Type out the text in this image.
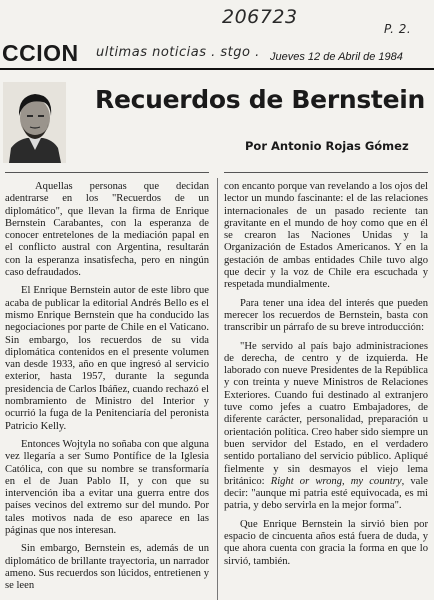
206723
P. 2.
CCION ultimas noticias . stgo . Jueves 12 de Abril de 1984
Recuerdos de Bernstein
Por Antonio Rojas Gómez

Aquellas personas que decidan adentrarse en los "Recuerdos de un diplomático", que llevan la firma de Enrique Bernstein Carabantes, con la esperanza de conocer entretelones de la mediación papal en el conflicto austral con Argentina, resultarán con la esperanza insatisfecha, pero en ningún caso defraudados.

El Enrique Bernstein autor de este libro que acaba de publicar la editorial Andrés Bello es el mismo Enrique Bernstein que ha conducido las negociaciones por parte de Chile en el Vaticano. Sin embargo, los recuerdos de su vida diplomática contenidos en el presente volumen van desde 1933, año en que ingresó al servicio exterior, hasta 1957, durante la segunda presidencia de Carlos Ibáñez, cuando rechazó el nombramiento de Ministro del Interior y ocurrió la fuga de la Penitenciaría del peronista Patricio Kelly.

Entonces Wojtyla no soñaba con que alguna vez llegaría a ser Sumo Pontífice de la Iglesia Católica, con que su nombre se transformaría en el de Juan Pablo II, y con que su intervención iba a evitar una guerra entre dos países vecinos del extremo sur del mundo. Por tales motivos nada de eso aparece en las páginas que nos interesan.

Sin embargo, Bernstein es, además de un diplomático de brillante trayectoria, un narrador ameno. Sus recuerdos son lúcidos, entretienen y se leen

con encanto porque van revelando a los ojos del lector un mundo fascinante: el de las relaciones internacionales de un pasado reciente tan gravitante en el mundo de hoy como que en él se crearon las Naciones Unidas y la Organización de Estados Americanos. Y en la gestación de ambas entidades Chile tuvo algo que decir y la voz de Chile era escuchada y respetada mundialmente.

Para tener una idea del interés que pueden merecer los recuerdos de Bernstein, basta con transcribir un párrafo de su breve introducción:

"He servido al país bajo administraciones de derecha, de centro y de izquierda. He laborado con nueve Presidentes de la República y con treinta y nueve Ministros de Relaciones Exteriores. Cuando fui destinado al extranjero tuve como jefes a cuatro Embajadores, de diferente carácter, personalidad, preparación u orientación política. Creo haber sido siempre un buen servidor del Estado, en el verdadero sentido portaliano del servicio público. Apliqué fielmente y sin desmayos el viejo lema británico: Right or wrong, my country, vale decir: "aunque mi patria esté equivocada, es mi patria, y debo servirla en la mejor forma".

Que Enrique Bernstein la sirvió bien por espacio de cincuenta años está fuera de duda, y que ahora cuenta con gracia la forma en que lo sirvió, también.
